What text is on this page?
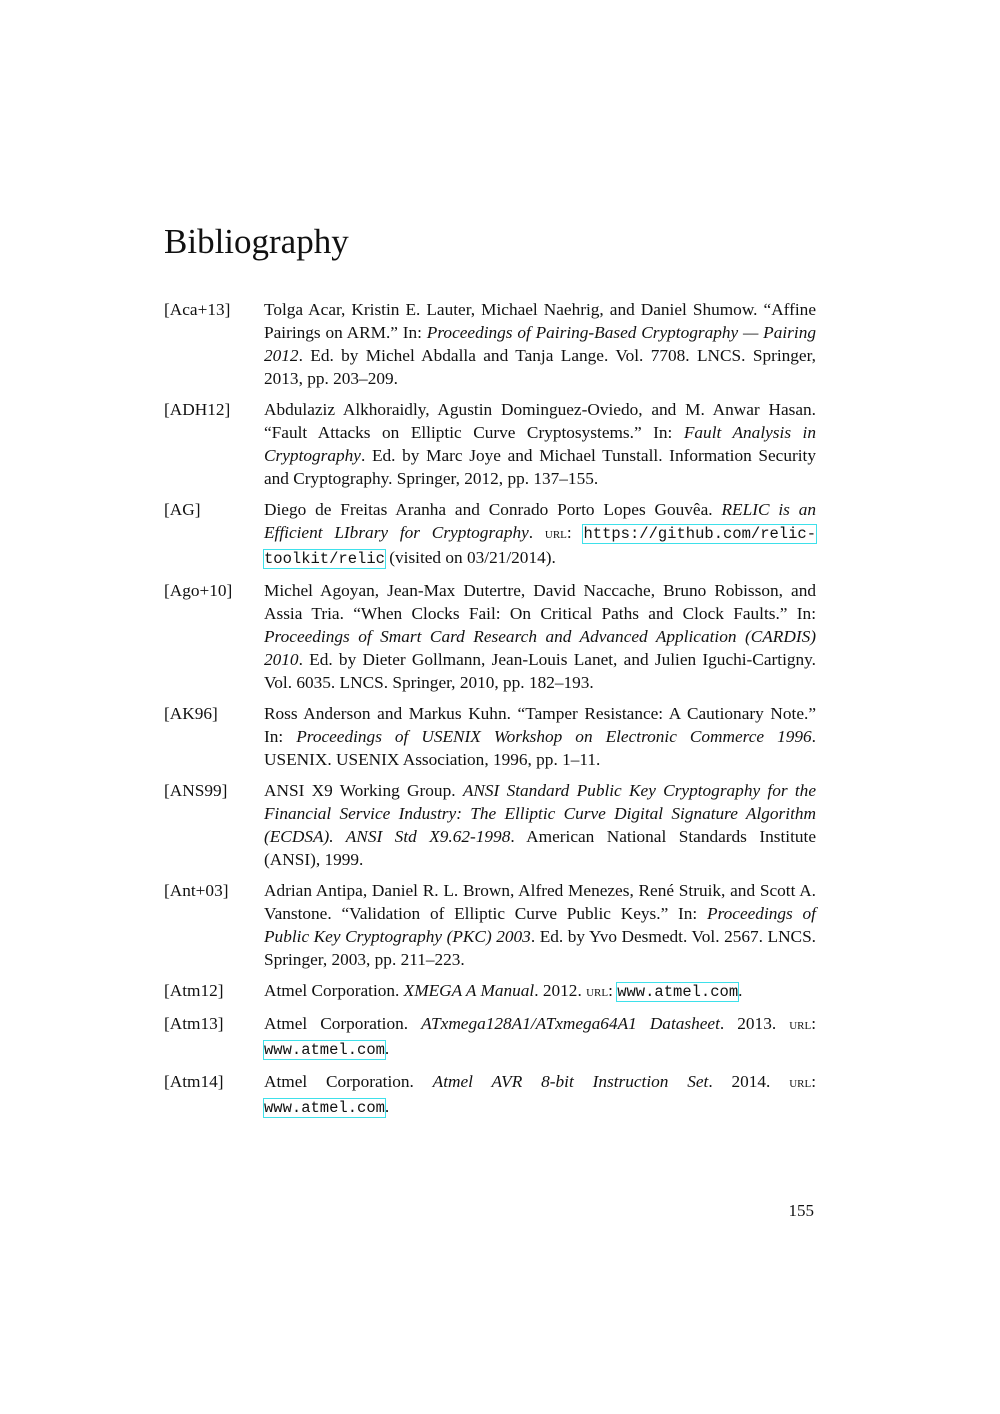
Bibliography
[Aca+13]	Tolga Acar, Kristin E. Lauter, Michael Naehrig, and Daniel Shumow. “Affine Pairings on ARM.” In: Proceedings of Pairing-Based Cryptography — Pairing 2012. Ed. by Michel Abdalla and Tanja Lange. Vol. 7708. LNCS. Springer, 2013, pp. 203–209.
[ADH12]	Abdulaziz Alkhoraidly, Agustin Dominguez-Oviedo, and M. Anwar Hasan. “Fault Attacks on Elliptic Curve Cryptosystems.” In: Fault Analysis in Cryptography. Ed. by Marc Joye and Michael Tunstall. Information Security and Cryptography. Springer, 2012, pp. 137–155.
[AG]	Diego de Freitas Aranha and Conrado Porto Lopes Gouvêa. RELIC is an Efficient LIbrary for Cryptography. url: https://github.com/relic-toolkit/relic (visited on 03/21/2014).
[Ago+10]	Michel Agoyan, Jean-Max Dutertre, David Naccache, Bruno Robisson, and Assia Tria. “When Clocks Fail: On Critical Paths and Clock Faults.” In: Proceedings of Smart Card Research and Advanced Application (CARDIS) 2010. Ed. by Dieter Gollmann, Jean-Louis Lanet, and Julien Iguchi-Cartigny. Vol. 6035. LNCS. Springer, 2010, pp. 182–193.
[AK96]	Ross Anderson and Markus Kuhn. “Tamper Resistance: A Cautionary Note.” In: Proceedings of USENIX Workshop on Electronic Commerce 1996. USENIX. USENIX Association, 1996, pp. 1–11.
[ANS99]	ANSI X9 Working Group. ANSI Standard Public Key Cryptography for the Financial Service Industry: The Elliptic Curve Digital Signature Algorithm (ECDSA). ANSI Std X9.62-1998. American National Standards Institute (ANSI), 1999.
[Ant+03]	Adrian Antipa, Daniel R. L. Brown, Alfred Menezes, René Struik, and Scott A. Vanstone. “Validation of Elliptic Curve Public Keys.” In: Proceedings of Public Key Cryptography (PKC) 2003. Ed. by Yvo Desmedt. Vol. 2567. LNCS. Springer, 2003, pp. 211–223.
[Atm12]	Atmel Corporation. XMEGA A Manual. 2012. url: www.atmel.com.
[Atm13]	Atmel Corporation. ATxmega128A1/ATxmega64A1 Datasheet. 2013. url: www.atmel.com.
[Atm14]	Atmel Corporation. Atmel AVR 8-bit Instruction Set. 2014. url: www.atmel.com.
155
